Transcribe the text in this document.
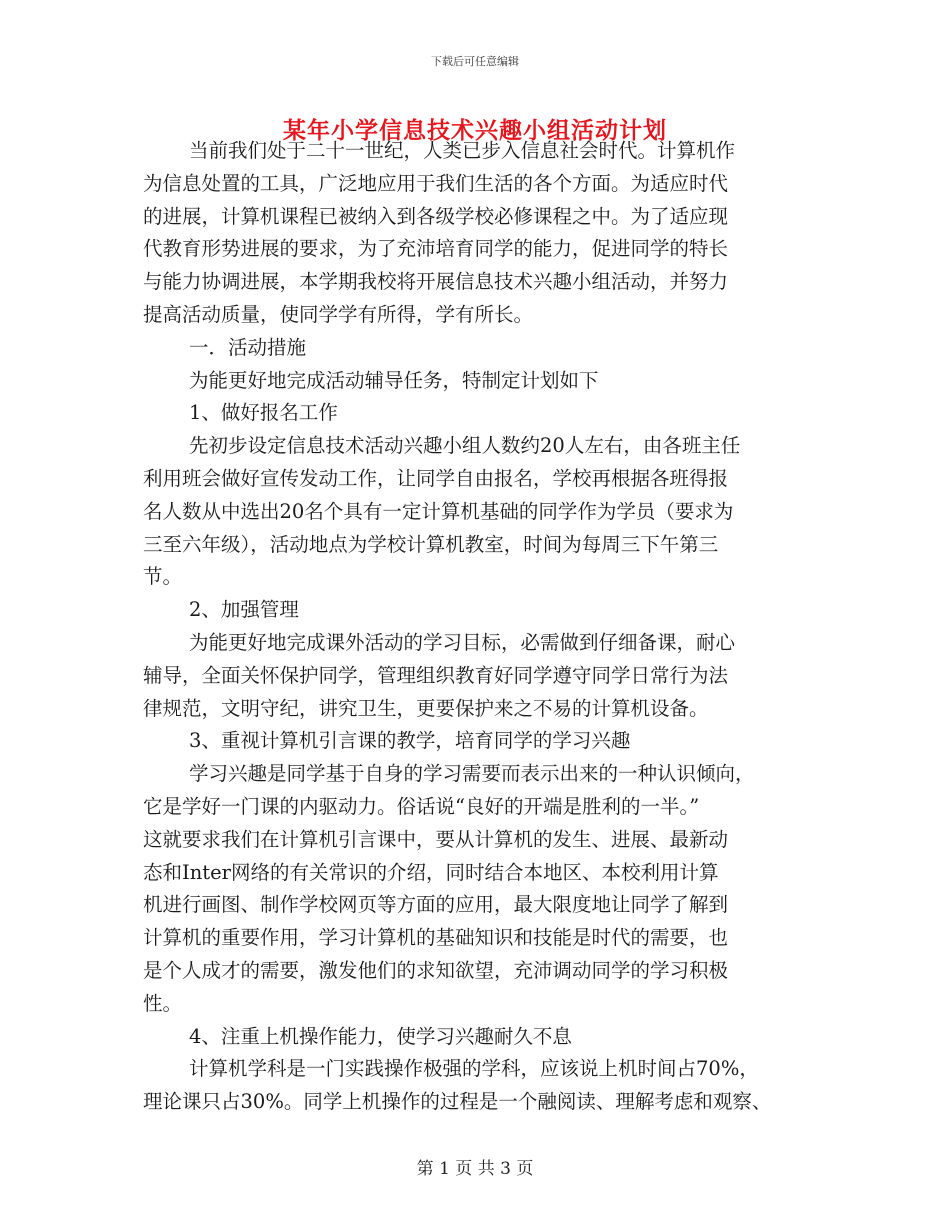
下载后可任意编辑
某年小学信息技术兴趣小组活动计划
当前我们处于二十一世纪，人类已步入信息社会时代。计算机作
为信息处置的工具，广泛地应用于我们生活的各个方面。为适应时代
的进展，计算机课程已被纳入到各级学校必修课程之中。为了适应现
代教育形势进展的要求，为了充沛培育同学的能力，促进同学的特长
与能力协调进展，本学期我校将开展信息技术兴趣小组活动，并努力
提高活动质量，使同学学有所得，学有所长。
一．活动措施
为能更好地完成活动辅导任务，特制定计划如下
1、做好报名工作
先初步设定信息技术活动兴趣小组人数约20人左右，由各班主任
利用班会做好宣传发动工作，让同学自由报名，学校再根据各班得报
名人数从中选出20名个具有一定计算机基础的同学作为学员（要求为
三至六年级），活动地点为学校计算机教室，时间为每周三下午第三
节。
2、加强管理
为能更好地完成课外活动的学习目标，必需做到仔细备课，耐心
辅导，全面关怀保护同学，管理组织教育好同学遵守同学日常行为法
律规范，文明守纪，讲究卫生，更要保护来之不易的计算机设备。
3、重视计算机引言课的教学，培育同学的学习兴趣
学习兴趣是同学基于自身的学习需要而表示出来的一种认识倾向，
它是学好一门课的内驱动力。俗话说“良好的开端是胜利的一半。”
这就要求我们在计算机引言课中，要从计算机的发生、进展、最新动
态和Inter网络的有关常识的介绍，同时结合本地区、本校利用计算
机进行画图、制作学校网页等方面的应用，最大限度地让同学了解到
计算机的重要作用，学习计算机的基础知识和技能是时代的需要，也
是个人成才的需要，激发他们的求知欲望，充沛调动同学的学习积极
性。
4、注重上机操作能力，使学习兴趣耐久不息
计算机学科是一门实践操作极强的学科，应该说上机时间占70%，
理论课只占30%。同学上机操作的过程是一个融阅读、理解考虑和观察、
第 1 页 共 3 页
